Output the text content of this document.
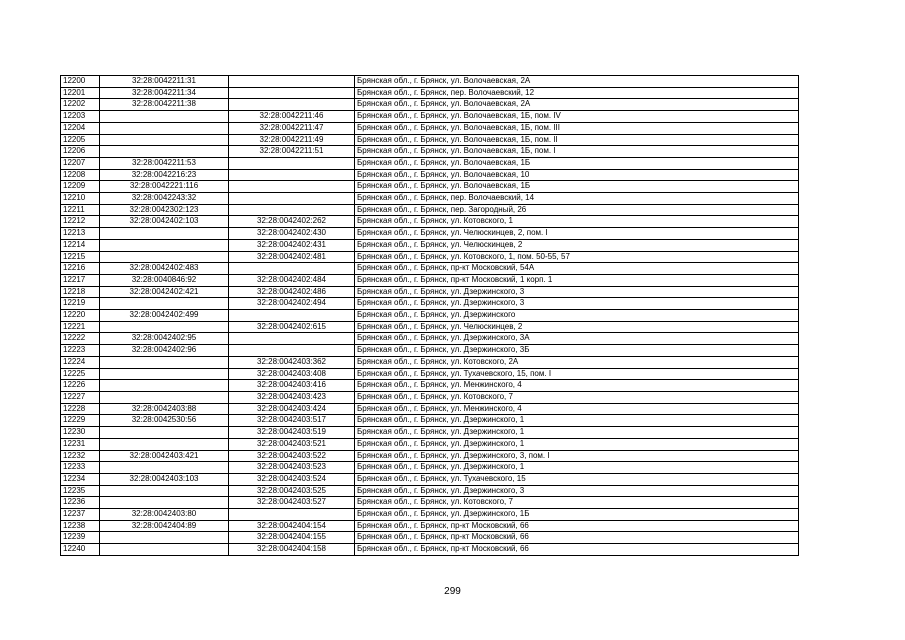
12200	32:28:0042211:31		Брянская обл., г. Брянск, ул. Волочаевская, 2А
12201	32:28:0042211:34		Брянская обл., г. Брянск, пер. Волочаевский, 12
12202	32:28:0042211:38		Брянская обл., г. Брянск, ул. Волочаевская, 2А
12203		32:28:0042211:46	Брянская обл., г. Брянск, ул. Волочаевская, 1Б, пом. IV
12204		32:28:0042211:47	Брянская обл., г. Брянск, ул. Волочаевская, 1Б, пом. III
12205		32:28:0042211:49	Брянская обл., г. Брянск, ул. Волочаевская, 1Б, пом. II
12206		32:28:0042211:51	Брянская обл., г. Брянск, ул. Волочаевская, 1Б, пом. I
12207	32:28:0042211:53		Брянская обл., г. Брянск, ул. Волочаевская, 1Б
12208	32:28:0042216:23		Брянская обл., г. Брянск, ул. Волочаевская, 10
12209	32:28:0042221:116		Брянская обл., г. Брянск, ул. Волочаевская, 1Б
12210	32:28:0042243:32		Брянская обл., г. Брянск, пер. Волочаевский, 14
12211	32:28:0042302:123		Брянская обл., г. Брянск, пер. Загородный, 26
12212	32:28:0042402:103	32:28:0042402:262	Брянская обл., г. Брянск, ул. Котовского, 1
12213		32:28:0042402:430	Брянская обл., г. Брянск, ул. Челюскинцев, 2, пом. I
12214		32:28:0042402:431	Брянская обл., г. Брянск, ул. Челюскинцев, 2
12215		32:28:0042402:481	Брянская обл., г. Брянск, ул. Котовского, 1, пом. 50-55, 57
12216	32:28:0042402:483		Брянская обл., г. Брянск, пр-кт Московский, 54А
12217	32:28:0040846:92	32:28:0042402:484	Брянская обл., г. Брянск, пр-кт Московский, 1 корп. 1
12218	32:28:0042402:421	32:28:0042402:486	Брянская обл., г. Брянск, ул. Дзержинского, 3
12219		32:28:0042402:494	Брянская обл., г. Брянск, ул. Дзержинского, 3
12220	32:28:0042402:499		Брянская обл., г. Брянск, ул. Дзержинского
12221		32:28:0042402:615	Брянская обл., г. Брянск, ул. Челюскинцев, 2
12222	32:28:0042402:95		Брянская обл., г. Брянск, ул. Дзержинского, 3А
12223	32:28:0042402:96		Брянская обл., г. Брянск, ул. Дзержинского, 3Б
12224		32:28:0042403:362	Брянская обл., г. Брянск, ул. Котовского, 2А
12225		32:28:0042403:408	Брянская обл., г. Брянск, ул. Тухачевского, 15, пом. I
12226		32:28:0042403:416	Брянская обл., г. Брянск, ул. Менжинского, 4
12227		32:28:0042403:423	Брянская обл., г. Брянск, ул. Котовского, 7
12228	32:28:0042403:88	32:28:0042403:424	Брянская обл., г. Брянск, ул. Менжинского, 4
12229	32:28:0042530:56	32:28:0042403:517	Брянская обл., г. Брянск, ул. Дзержинского, 1
12230		32:28:0042403:519	Брянская обл., г. Брянск, ул. Дзержинского, 1
12231		32:28:0042403:521	Брянская обл., г. Брянск, ул. Дзержинского, 1
12232	32:28:0042403:421	32:28:0042403:522	Брянская обл., г. Брянск, ул. Дзержинского, 3, пом. I
12233		32:28:0042403:523	Брянская обл., г. Брянск, ул. Дзержинского, 1
12234	32:28:0042403:103	32:28:0042403:524	Брянская обл., г. Брянск, ул. Тухачевского, 15
12235		32:28:0042403:525	Брянская обл., г. Брянск, ул. Дзержинского, 3
12236		32:28:0042403:527	Брянская обл., г. Брянск, ул. Котовского, 7
12237	32:28:0042403:80		Брянская обл., г. Брянск, ул. Дзержинского, 1Б
12238	32:28:0042404:89	32:28:0042404:154	Брянская обл., г. Брянск, пр-кт Московский, 66
12239		32:28:0042404:155	Брянская обл., г. Брянск, пр-кт Московский, 66
12240		32:28:0042404:158	Брянская обл., г. Брянск, пр-кт Московский, 66
299
